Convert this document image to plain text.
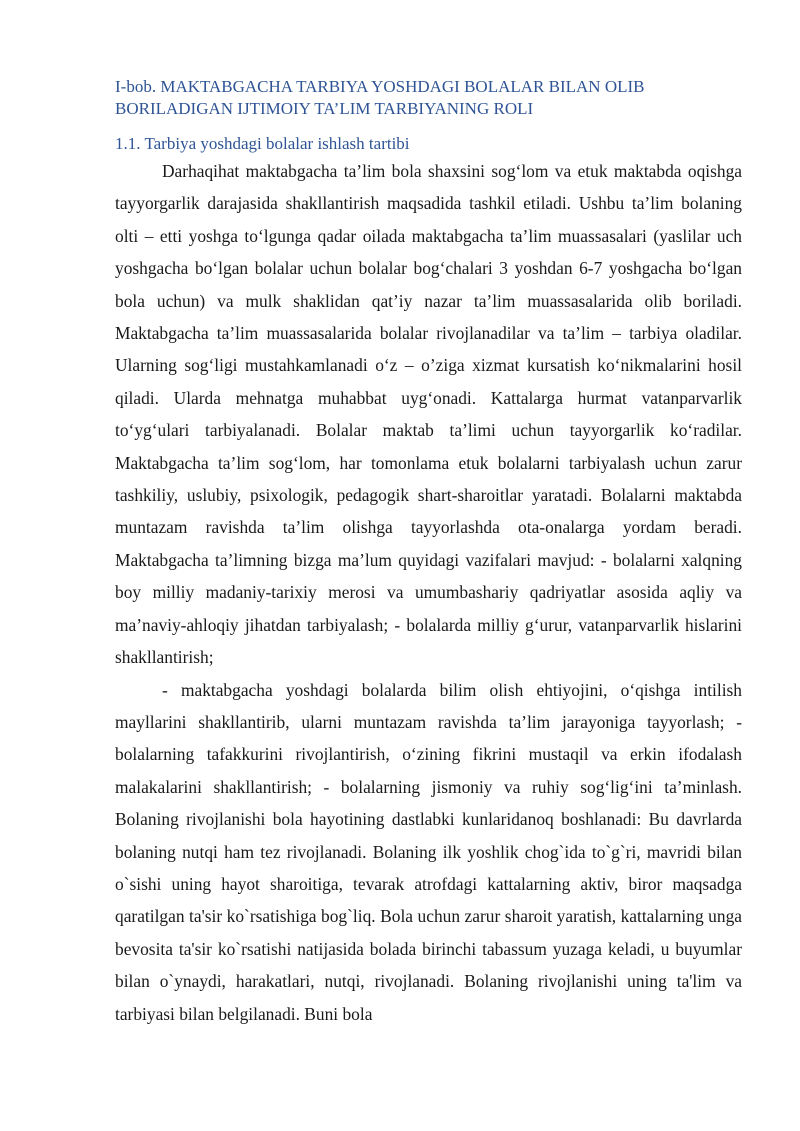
I-bob. MAKTABGACHA TARBIYA YOSHDAGI BOLALAR BILAN OLIB BORILADIGAN IJTIMOIY TA’LIM TARBIYANING ROLI
1.1. Tarbiya yoshdagi bolalar ishlash tartibi

Darhaqihat maktabgacha ta’lim bola shaxsini sog‘lom va etuk maktabda oqishga tayyorgarlik darajasida shakllantirish maqsadida tashkil etiladi. Ushbu ta’lim bolaning olti – etti yoshga to‘lgunga qadar oilada maktabgacha ta’lim muassasalari (yaslilar uch yoshgacha bo‘lgan bolalar uchun bolalar bog‘chalari 3 yoshdan 6-7 yoshgacha bo‘lgan bola uchun) va mulk shaklidan qat’iy nazar ta’lim muassasalarida olib boriladi. Maktabgacha ta’lim muassasalarida bolalar rivojlanadilar va ta’lim – tarbiya oladilar. Ularning sog‘ligi mustahkamlanadi o‘z – o’ziga xizmat kursatish ko‘nikmalarini hosil qiladi. Ularda mehnatga muhabbat uyg‘onadi. Kattalarga hurmat vatanparvarlik to‘yg‘ulari tarbiyalanadi. Bolalar maktab ta’limi uchun tayyorgarlik ko‘radilar. Maktabgacha ta’lim sog‘lom, har tomonlama etuk bolalarni tarbiyalash uchun zarur tashkiliy, uslubiy, psixologik, pedagogik shart-sharoitlar yaratadi. Bolalarni maktabda muntazam ravishda ta’lim olishga tayyorlashda ota-onalarga yordam beradi. Maktabgacha ta’limning bizga ma’lum quyidagi vazifalari mavjud: - bolalarni xalqning boy milliy madaniy-tarixiy merosi va umumbashariy qadriyatlar asosida aqliy va ma’naviy-ahloqiy jihatdan tarbiyalash; - bolalarda milliy g‘urur, vatanparvarlik hislarini shakllantirish;

- maktabgacha yoshdagi bolalarda bilim olish ehtiyojini, o‘qishga intilish mayllarini shakllantirib, ularni muntazam ravishda ta’lim jarayoniga tayyorlash; - bolalarning tafakkurini rivojlantirish, o‘zining fikrini mustaqil va erkin ifodalash malakalarini shakllantirish; - bolalarning jismoniy va ruhiy sog‘lig‘ini ta’minlash. Bolaning rivojlanishi bola hayotining dastlabki kunlaridanoq boshlanadi: Bu davrlarda bolaning nutqi ham tez rivojlanadi. Bolaning ilk yoshlik chog`ida to`g`ri, mavridi bilan o`sishi uning hayot sharoitiga, tevarak atrofdagi kattalarning aktiv, biror maqsadga qaratilgan ta'sir ko`rsatishiga bog`liq. Bola uchun zarur sharoit yaratish, kattalarning unga bevosita ta'sir ko`rsatishi natijasida bolada birinchi tabassum yuzaga keladi, u buyumlar bilan o`ynaydi, harakatlari, nutqi, rivojlanadi. Bolaning rivojlanishi uning ta'lim va tarbiyasi bilan belgilanadi. Buni bola
